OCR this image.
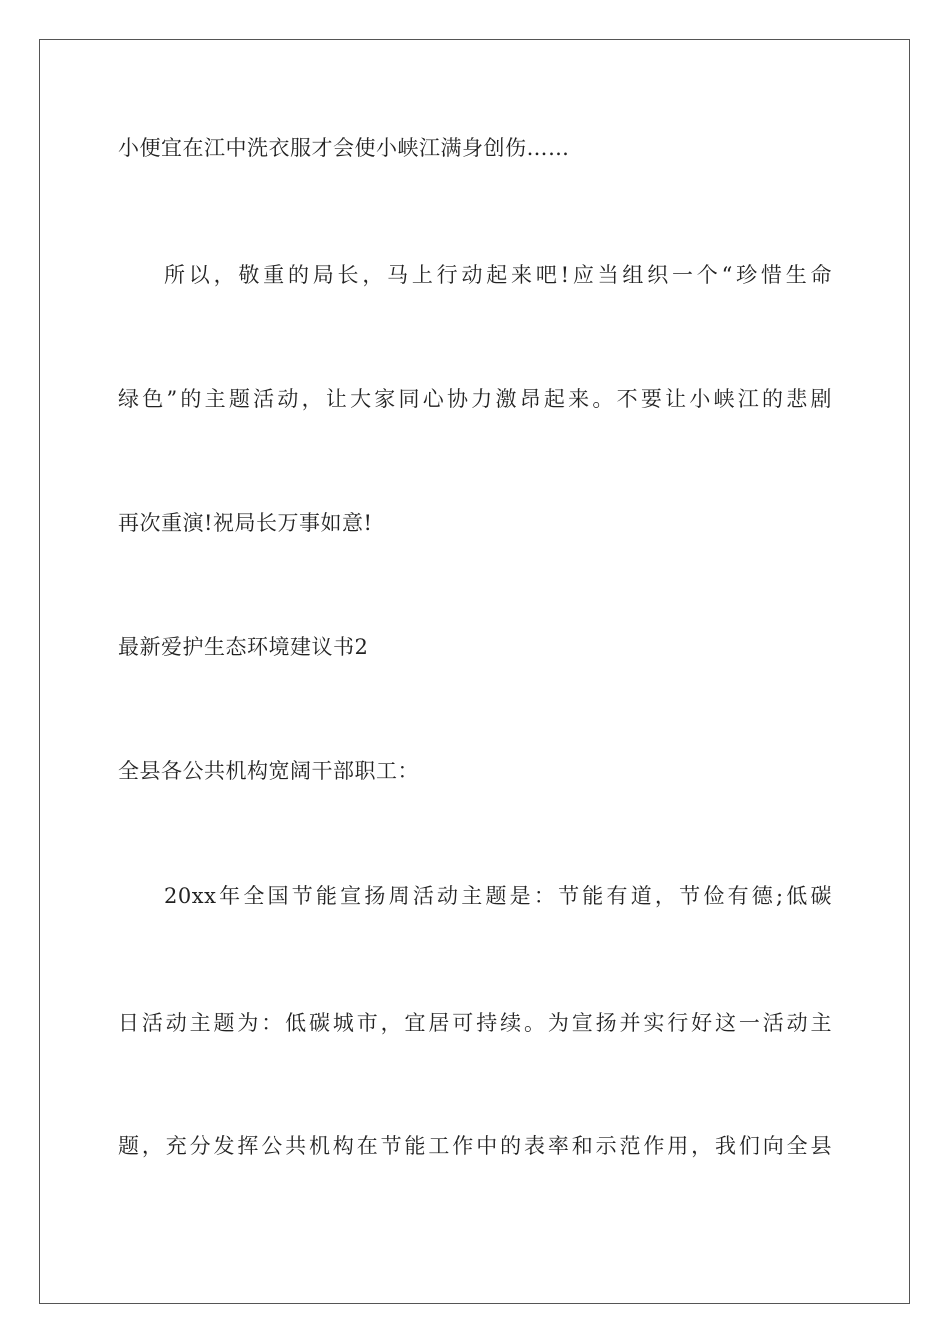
小便宜在江中洗衣服才会使小峡江满身创伤……
所以，敬重的局长，马上行动起来吧!应当组织一个“珍惜生命
绿色”的主题活动，让大家同心协力激昂起来。不要让小峡江的悲剧
再次重演!祝局长万事如意!
最新爱护生态环境建议书2
全县各公共机构宽阔干部职工：
20xx年全国节能宣扬周活动主题是：节能有道，节俭有德;低碳
日活动主题为：低碳城市，宜居可持续。为宣扬并实行好这一活动主
题，充分发挥公共机构在节能工作中的表率和示范作用，我们向全县
